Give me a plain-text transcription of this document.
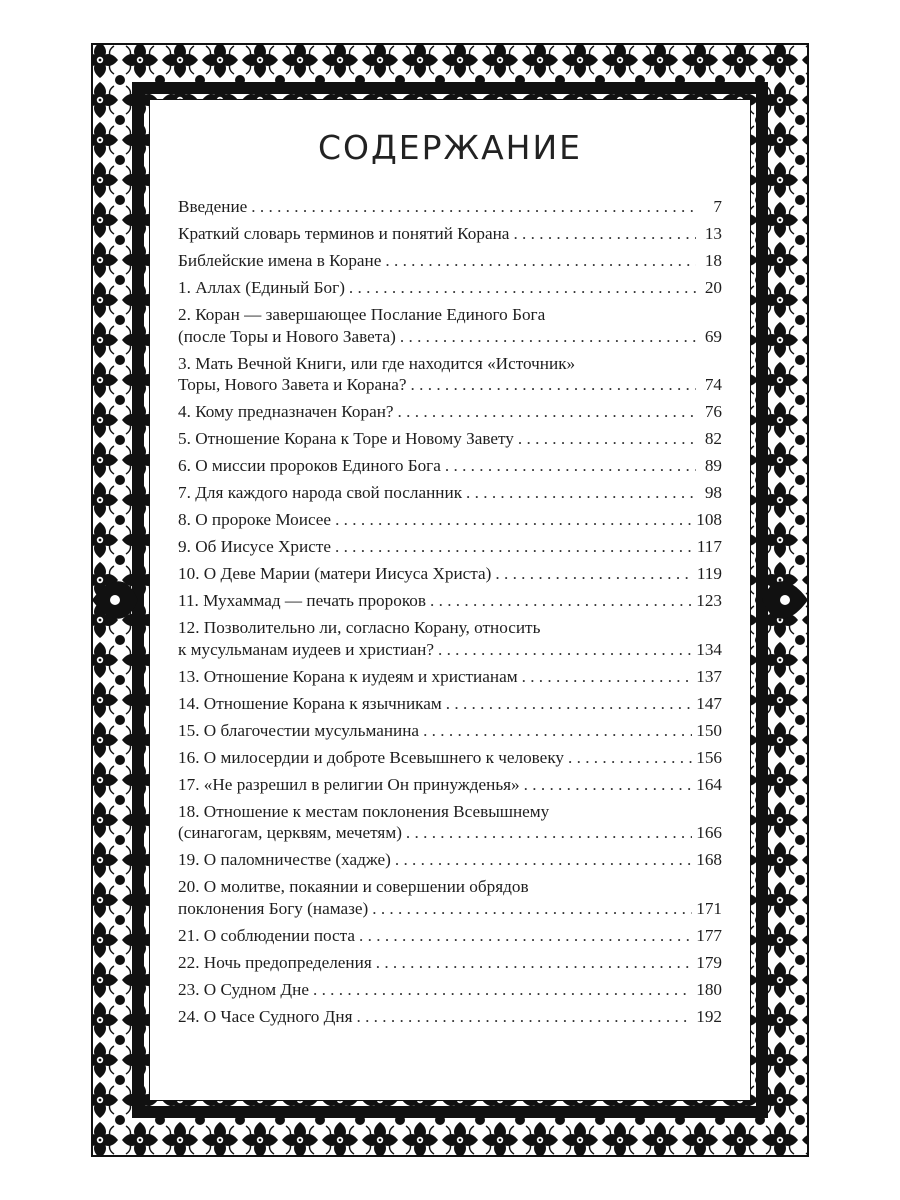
СОДЕРЖАНИЕ
Введение . . .	7
Краткий словарь терминов и понятий Корана . . .	13
Библейские имена в Коране . . .	18
1. Аллах (Единый Бог) . . .	20
2. Коран — завершающее Послание Единого Бога
(после Торы и Нового Завета) . . .	69
3. Мать Вечной Книги, или где находится «Источник»
Торы, Нового Завета и Корана? . . .	74
4. Кому предназначен Коран? . . .	76
5. Отношение Корана к Торе и Новому Завету . . .	82
6. О миссии пророков Единого Бога . . .	89
7. Для каждого народа свой посланник . . .	98
8. О пророке Моисее . . .	108
9. Об Иисусе Христе . . .	117
10. О Деве Марии (матери Иисуса Христа) . . .	119
11. Мухаммад — печать пророков . . .	123
12. Позволительно ли, согласно Корану, относить
к мусульманам иудеев и христиан? . . .	134
13. Отношение Корана к иудеям и христианам . . .	137
14. Отношение Корана к язычникам . . .	147
15. О благочестии мусульманина . . .	150
16. О милосердии и доброте Всевышнего к человеку . . .	156
17. «Не разрешил в религии Он принужденья» . . .	164
18. Отношение к местам поклонения Всевышнему
(синагогам, церквям, мечетям) . . .	166
19. О паломничестве (хадже) . . .	168
20. О молитве, покаянии и совершении обрядов
поклонения Богу (намазе) . . .	171
21. О соблюдении поста . . .	177
22. Ночь предопределения . . .	179
23. О Судном Дне . . .	180
24. О Часе Судного Дня . . .	192
